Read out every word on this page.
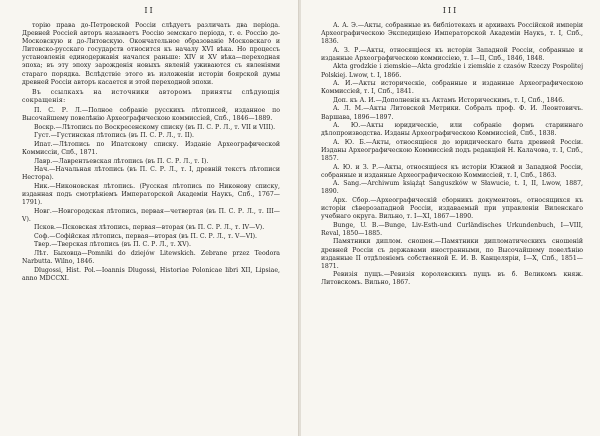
II

торію права до-Петровской Россіи слѣдуетъ различать два періода. Древней Россіей авторъ называетъ Россію земскаго періода, т. е. Россію до-Московскую и до-Литовскую. Окончательное образованіе Московскаго и Литовско-русскаго государств относится къ началу XVI вѣка. Но процессъ установленія единодержавія начался раньше: XIV и XV вѣка—переходная эпоха; въ эту эпоху зарожденія новыхъ явленій уживаются съ явленіями стараго порядка. Вслѣдствіе этого въ изложеніи исторіи боярской думы древней Россіи авторъ касается и этой переходной эпохи.

Въ ссылкахъ на источники авторомъ приняты слѣдующія сокращенія:

П. С. Р. Л.—Полное собраніе русскихъ лѣтописей, изданное по Высочайшему повелѣнію Археографическою коммиссіей, Спб., 1846—1889.

Воскр.—Лѣтопись по Воскресенскому списку (въ П. С. Р. Л., т. VII и VIII).

Густ.—Густинская лѣтопись (въ П. С. Р. Л., т. II).

Ипат.—Лѣтопись по Ипатскому списку. Изданіе Археографической Коммиссіи, Спб., 1871.

Лавр.—Лаврентьевская лѣтопись (въ П. С. Р. Л., т. I).

Нач.—Начальная лѣтопись (въ П. С. Р. Л., т. I, древній текстъ лѣтописи Нестора).

Ник.—Никоновская лѣтопись. (Русская лѣтопись по Никонову списку, изданная подъ смотрѣніемъ Императорской Академіи Наукъ, Спб., 1767—1791).

Новг.—Новгородская лѣтопись, первая—четвертая (въ П. С. Р. Л., т. III—V).

Псков.—Псковская лѣтопись, первая—вторая (въ П. С. Р. Л., т. IV—V).

Соф.—Софійская лѣтопись, первая—вторая (въ П. С. Р. Л., т. V—VI).

Твер.—Тверская лѣтопись (въ П. С. Р. Л., т. XV).

Лѣт. Быховца—Pomniki do dziejów Litewskich. Zebrane przez Teodora Narbutta. Wilno, 1846.

Dlugossi, Hist. Pol.—Ioannis Dlugossi, Historiae Polonicae libri XII, Lipsiae, anno MDCCXI.

III

А. А. Э.—Акты, собранные въ библіотекахъ и архивахъ Россійской имперіи Археографическою Экспедиціею Императорской Академіи Наукъ, т. I, Спб., 1836.

А. З. Р.—Акты, относящіеся къ исторіи Западной Россіи, собранные и изданные Археографическою коммиссіею, т. I—II, Спб., 1846, 1848.

Akta grodzkie i ziemskie—Akta grodzkie i ziemskie z czasów Rzeczy Pospolitej Polskiej. Lwow, t. I, 1866.

А. И.—Акты историческіе, собранные и изданные Археографическою Коммиссіей, т. I, Спб., 1841.

Доп. къ А. И.—Дополненія къ Актамъ Историческимъ, т. I, Спб., 1846.

А. Л. М.—Акты Литовской Метрики. Собралъ проф. Ф. И. Леонтовичъ. Варшава, 1896—1897.

А. Ю.—Акты юридическіе, или собраніе формъ стариннаго дѣлопроизводства. Изданы Археографическою Коммиссіей, Спб., 1838.

А. Ю. Б.—Акты, относящіеся до юридическаго быта древней Россіи. Изданы Археографическою Коммиссіей подъ редакціей Н. Калачова, т. I, Спб., 1857.

А. Ю. и З. Р.—Акты, относящіеся къ исторіи Южной и Западной Россіи, собранные и изданные Археографическою Коммиссіей, т. I, Спб., 1863.

A. Sang.—Archiwum książąt Sanguszków w Sławucie, t. I, II, Lwow, 1887, 1890.

Арх. Сбор.—Археографическій сборникъ документовъ, относящихся къ исторіи сѣверозападной Россіи, издаваемый при управленіи Виленскаго учебнаго округа. Вильно, т. I—XI, 1867—1890.

Bunge, U. B.—Bunge, Liv-Esth-und Curländisches Urkundenbuch, I—VIII, Reval, 1850—1885.

Памятники диплом. сношен.—Памятники дипломатическихъ сношеній древней Россіи съ державами иностранными, по Высочайшему повелѣнію изданные II отдѣленіемъ собственной Е. И. В. Канцеляріи, I—X, Спб., 1851—1871.

Ревизія пущъ.—Ревизія королевскихъ пущъ въ б. Великомъ княж. Литовскомъ. Вильно, 1867.
